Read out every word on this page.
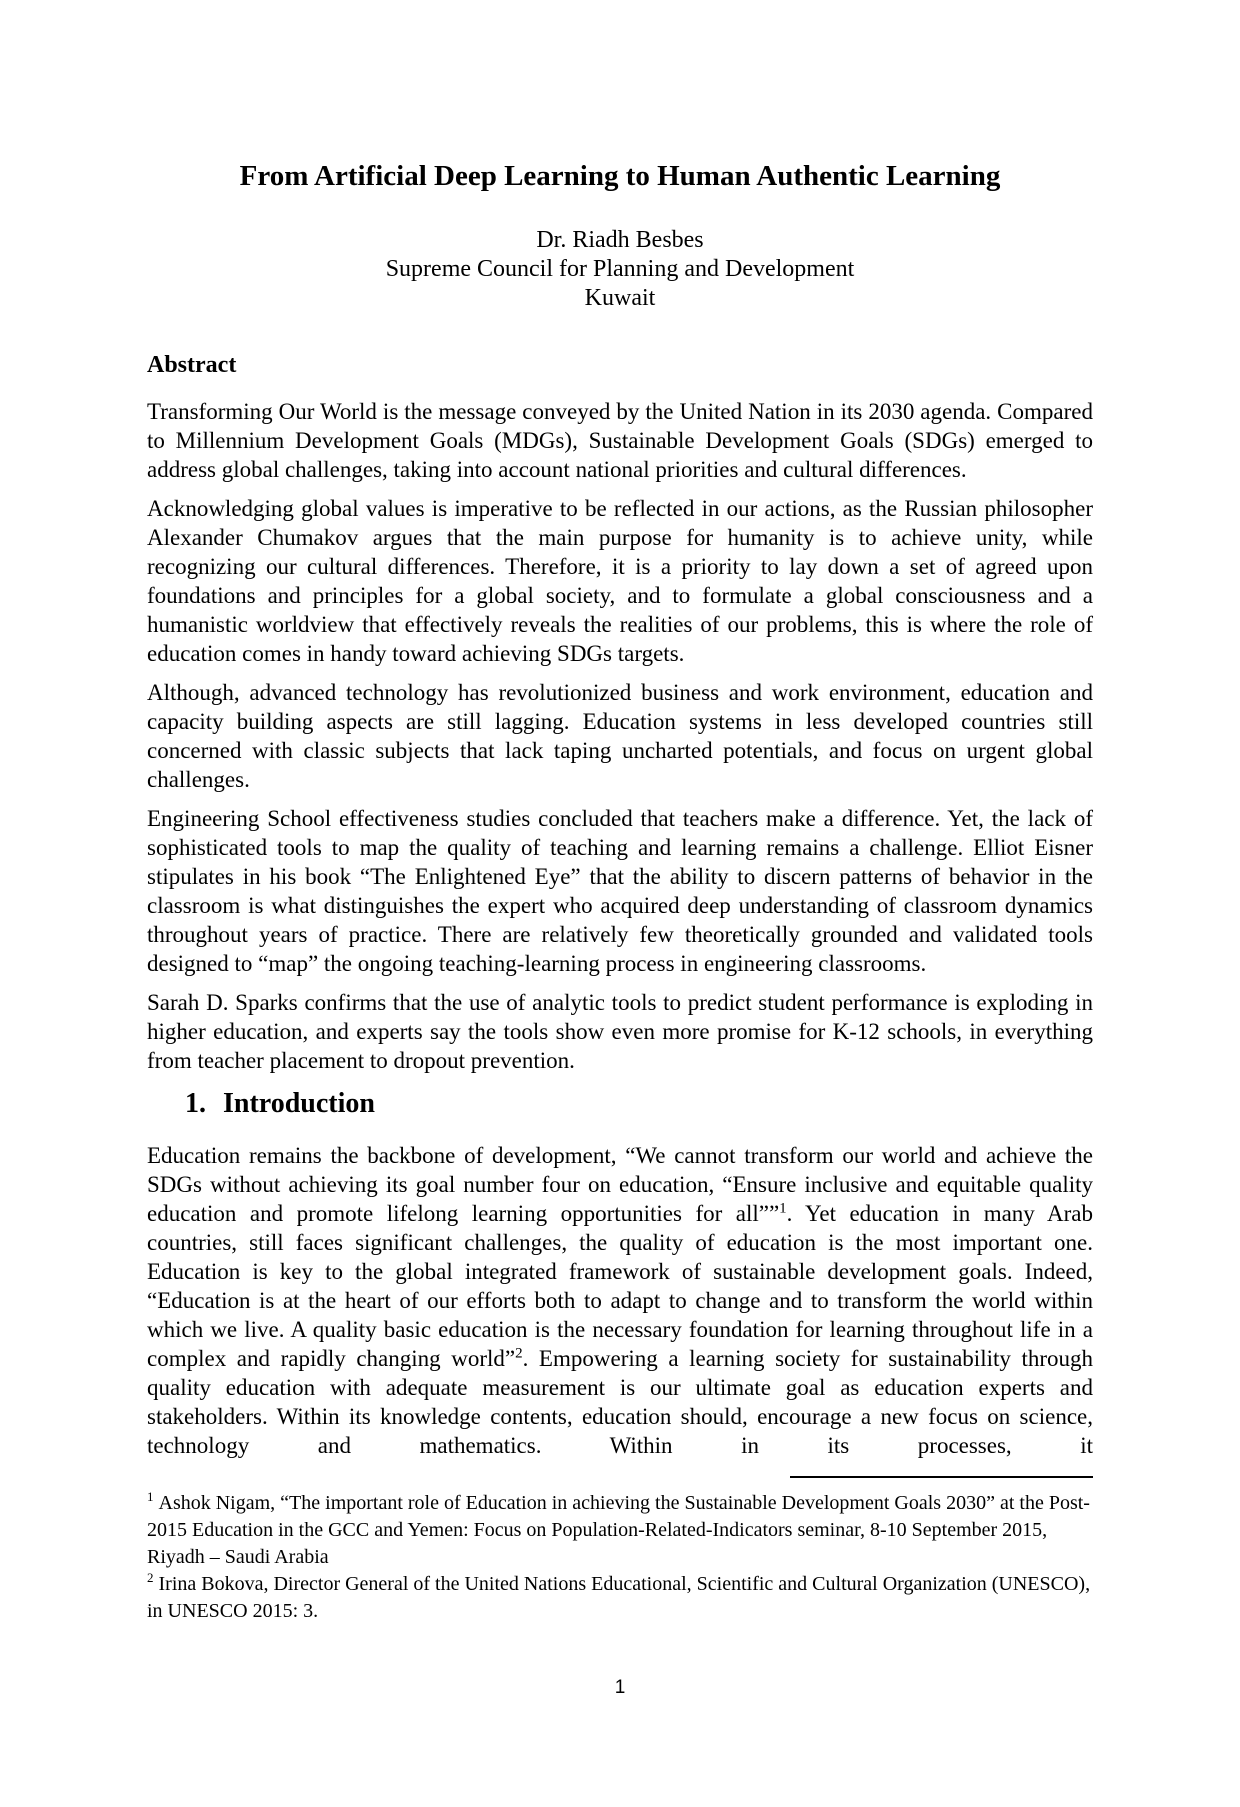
From Artificial Deep Learning to Human Authentic Learning
Dr. Riadh Besbes
Supreme Council for Planning and Development
Kuwait
Abstract

Transforming Our World is the message conveyed by the United Nation in its 2030 agenda. Compared to Millennium Development Goals (MDGs), Sustainable Development Goals (SDGs) emerged to address global challenges, taking into account national priorities and cultural differences.

Acknowledging global values is imperative to be reflected in our actions, as the Russian philosopher Alexander Chumakov argues that the main purpose for humanity is to achieve unity, while recognizing our cultural differences. Therefore, it is a priority to lay down a set of agreed upon foundations and principles for a global society, and to formulate a global consciousness and a humanistic worldview that effectively reveals the realities of our problems, this is where the role of education comes in handy toward achieving SDGs targets.

Although, advanced technology has revolutionized business and work environment, education and capacity building aspects are still lagging. Education systems in less developed countries still concerned with classic subjects that lack taping uncharted potentials, and focus on urgent global challenges.

Engineering School effectiveness studies concluded that teachers make a difference. Yet, the lack of sophisticated tools to map the quality of teaching and learning remains a challenge. Elliot Eisner stipulates in his book “The Enlightened Eye” that the ability to discern patterns of behavior in the classroom is what distinguishes the expert who acquired deep understanding of classroom dynamics throughout years of practice. There are relatively few theoretically grounded and validated tools designed to “map” the ongoing teaching-learning process in engineering classrooms.

Sarah D. Sparks confirms that the use of analytic tools to predict student performance is exploding in higher education, and experts say the tools show even more promise for K-12 schools, in everything from teacher placement to dropout prevention.

1. Introduction

Education remains the backbone of development, “We cannot transform our world and achieve the SDGs without achieving its goal number four on education, “Ensure inclusive and equitable quality education and promote lifelong learning opportunities for all””$^1$. Yet education in many Arab countries, still faces significant challenges, the quality of education is the most important one. Education is key to the global integrated framework of sustainable development goals. Indeed, “Education is at the heart of our efforts both to adapt to change and to transform the world within which we live. A quality basic education is the necessary foundation for learning throughout life in a complex and rapidly changing world”$^2$. Empowering a learning society for sustainability through quality education with adequate measurement is our ultimate goal as education experts and stakeholders. Within its knowledge contents, education should, encourage a new focus on science, technology and mathematics. Within in its processes, it

$^1$ Ashok Nigam, “The important role of Education in achieving the Sustainable Development Goals 2030” at the Post-2015 Education in the GCC and Yemen: Focus on Population-Related-Indicators seminar, 8-10 September 2015, Riyadh – Saudi Arabia
$^2$ Irina Bokova, Director General of the United Nations Educational, Scientific and Cultural Organization (UNESCO), in UNESCO 2015: 3.
1
